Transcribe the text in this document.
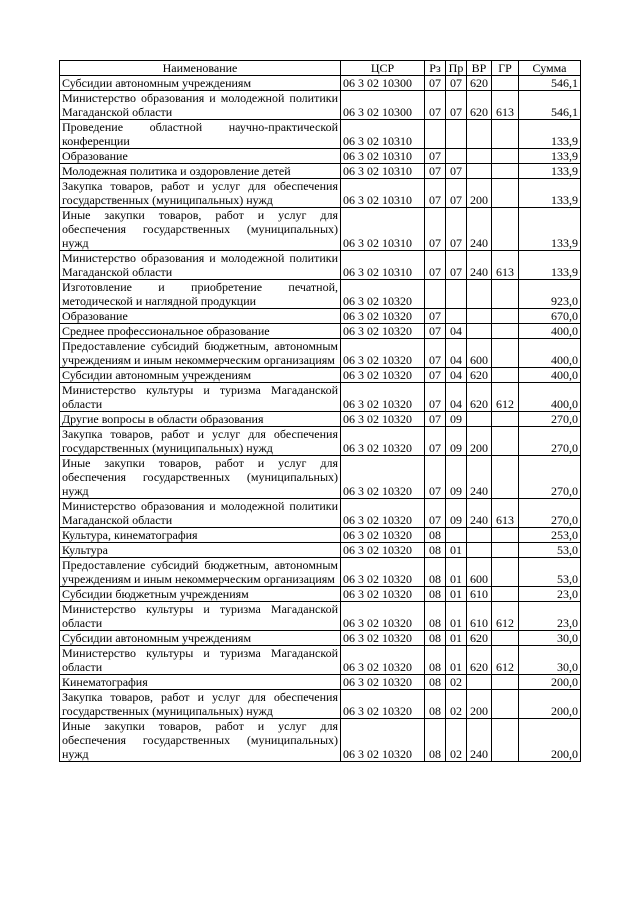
Наименование	ЦСР	Рз	Пр	ВР	ГР	Сумма
Субсидии автономным учреждениям	06 3 02 10300	07	07	620		546,1
Министерство образования и молодежной политики Магаданской области	06 3 02 10300	07	07	620	613	546,1
Проведение областной научно-практической конференции	06 3 02 10310					133,9
Образование	06 3 02 10310	07				133,9
Молодежная политика и оздоровление детей	06 3 02 10310	07	07			133,9
Закупка товаров, работ и услуг для обеспечения государственных (муниципальных) нужд	06 3 02 10310	07	07	200		133,9
Иные закупки товаров, работ и услуг для обеспечения государственных (муниципальных) нужд	06 3 02 10310	07	07	240		133,9
Министерство образования и молодежной политики Магаданской области	06 3 02 10310	07	07	240	613	133,9
Изготовление и приобретение печатной, методической и наглядной продукции	06 3 02 10320					923,0
Образование	06 3 02 10320	07				670,0
Среднее профессиональное образование	06 3 02 10320	07	04			400,0
Предоставление субсидий бюджетным, автономным учреждениям и иным некоммерческим организациям	06 3 02 10320	07	04	600		400,0
Субсидии автономным учреждениям	06 3 02 10320	07	04	620		400,0
Министерство культуры и туризма Магаданской области	06 3 02 10320	07	04	620	612	400,0
Другие вопросы в области образования	06 3 02 10320	07	09			270,0
Закупка товаров, работ и услуг для обеспечения государственных (муниципальных) нужд	06 3 02 10320	07	09	200		270,0
Иные закупки товаров, работ и услуг для обеспечения государственных (муниципальных) нужд	06 3 02 10320	07	09	240		270,0
Министерство образования и молодежной политики Магаданской области	06 3 02 10320	07	09	240	613	270,0
Культура, кинематография	06 3 02 10320	08				253,0
Культура	06 3 02 10320	08	01			53,0
Предоставление субсидий бюджетным, автономным учреждениям и иным некоммерческим организациям	06 3 02 10320	08	01	600		53,0
Субсидии бюджетным учреждениям	06 3 02 10320	08	01	610		23,0
Министерство культуры и туризма Магаданской области	06 3 02 10320	08	01	610	612	23,0
Субсидии автономным учреждениям	06 3 02 10320	08	01	620		30,0
Министерство культуры и туризма Магаданской области	06 3 02 10320	08	01	620	612	30,0
Кинематография	06 3 02 10320	08	02			200,0
Закупка товаров, работ и услуг для обеспечения государственных (муниципальных) нужд	06 3 02 10320	08	02	200		200,0
Иные закупки товаров, работ и услуг для обеспечения государственных (муниципальных) нужд	06 3 02 10320	08	02	240		200,0
